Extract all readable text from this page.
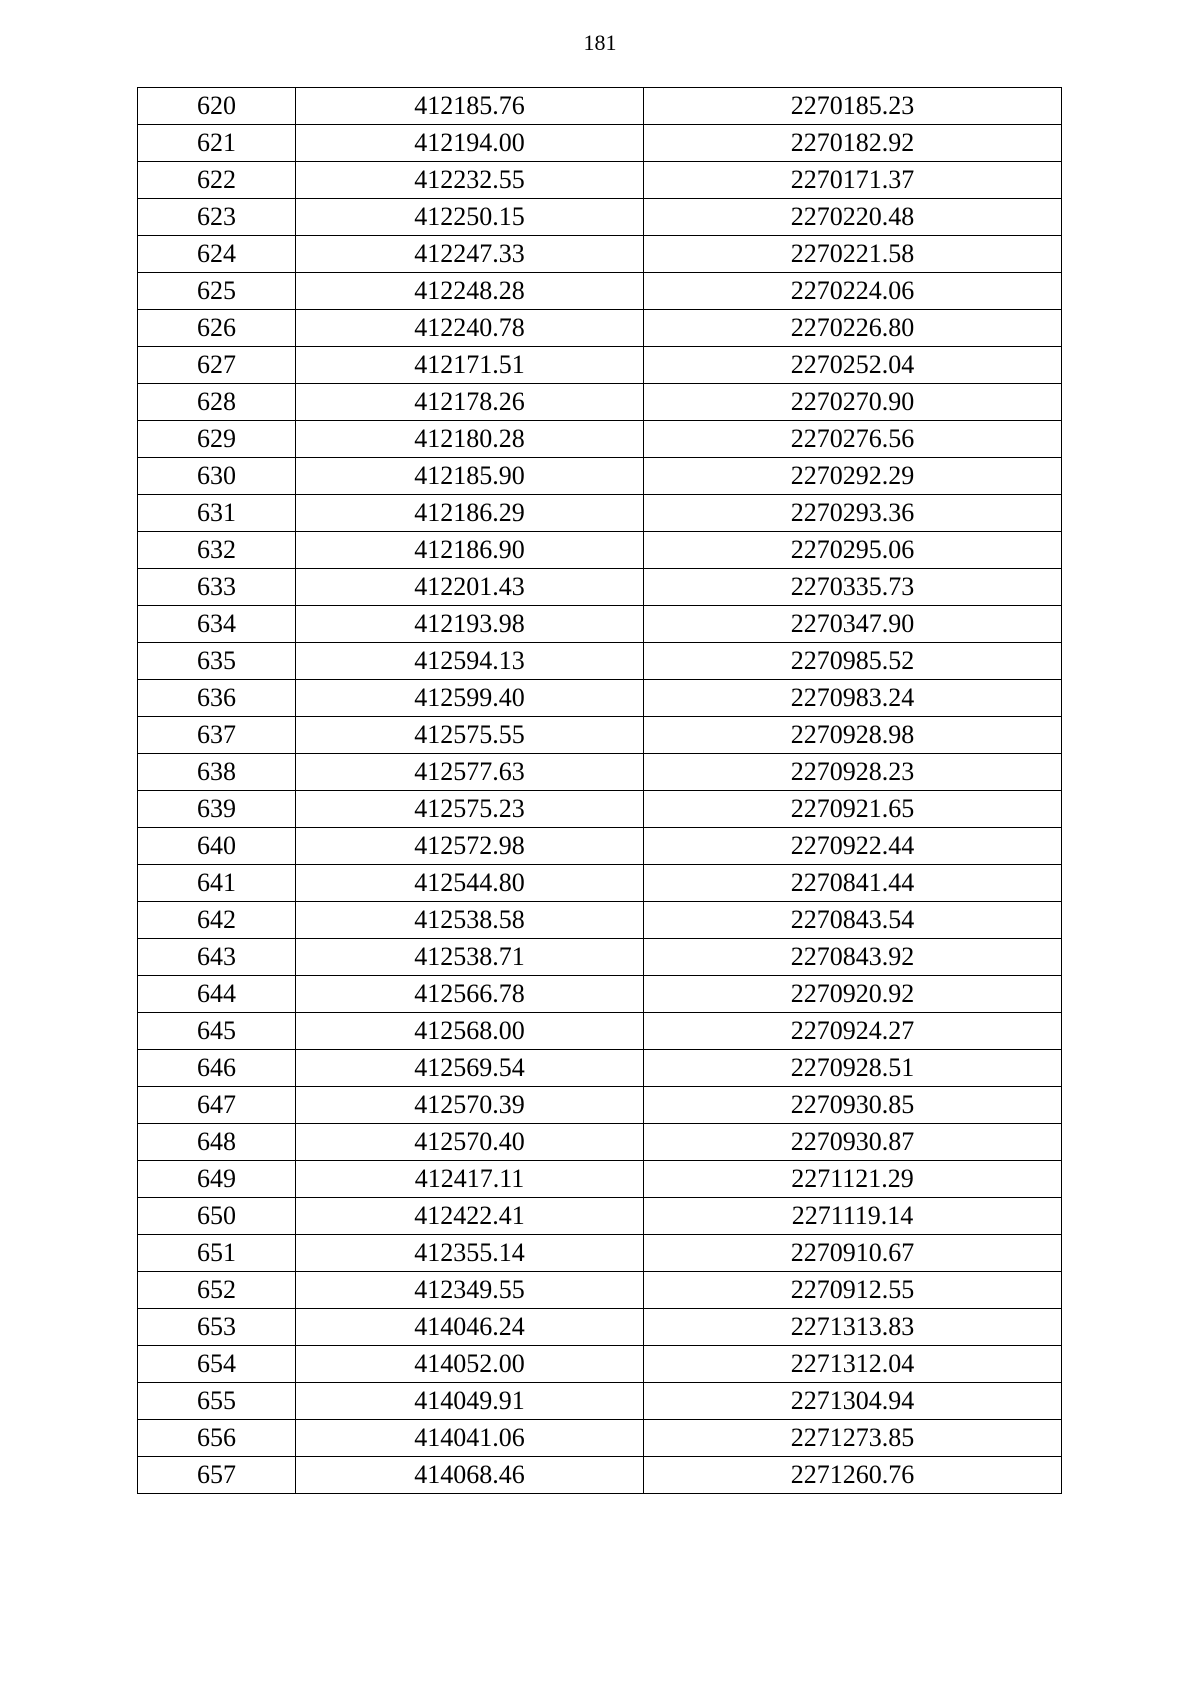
181
620	412185.76	2270185.23
621	412194.00	2270182.92
622	412232.55	2270171.37
623	412250.15	2270220.48
624	412247.33	2270221.58
625	412248.28	2270224.06
626	412240.78	2270226.80
627	412171.51	2270252.04
628	412178.26	2270270.90
629	412180.28	2270276.56
630	412185.90	2270292.29
631	412186.29	2270293.36
632	412186.90	2270295.06
633	412201.43	2270335.73
634	412193.98	2270347.90
635	412594.13	2270985.52
636	412599.40	2270983.24
637	412575.55	2270928.98
638	412577.63	2270928.23
639	412575.23	2270921.65
640	412572.98	2270922.44
641	412544.80	2270841.44
642	412538.58	2270843.54
643	412538.71	2270843.92
644	412566.78	2270920.92
645	412568.00	2270924.27
646	412569.54	2270928.51
647	412570.39	2270930.85
648	412570.40	2270930.87
649	412417.11	2271121.29
650	412422.41	2271119.14
651	412355.14	2270910.67
652	412349.55	2270912.55
653	414046.24	2271313.83
654	414052.00	2271312.04
655	414049.91	2271304.94
656	414041.06	2271273.85
657	414068.46	2271260.76
